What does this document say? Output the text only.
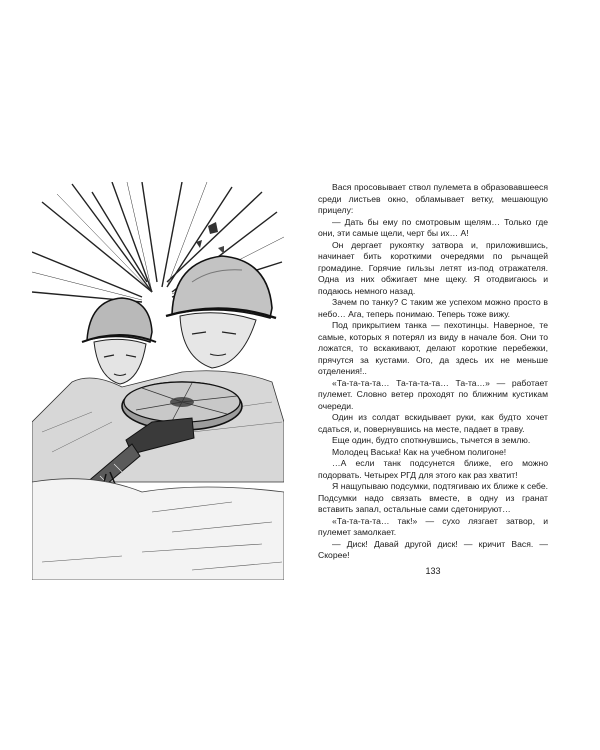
Вася просовывает ствол пулемета в образовавшееся среди листьев окно, обламывает ветку, мешающую прицелу:

— Дать бы ему по смотровым щелям… Только где они, эти самые щели, черт бы их… А!

Он дергает рукоятку затвора и, приложившись, начинает бить короткими очередями по рычащей громадине. Горячие гильзы летят из-под отражателя. Одна из них обжигает мне щеку. Я отодвигаюсь и подаюсь немного назад.

Зачем по танку? С таким же успехом можно просто в небо… Ага, теперь понимаю. Теперь тоже вижу.

Под прикрытием танка — пехотинцы. Наверное, те самые, которых я потерял из виду в начале боя. Они то ложатся, то вскакивают, делают короткие перебежки, прячутся за кустами. Ого, да здесь их не меньше отделения!..

«Та-та-та-та… Та-та-та-та… Та-та…» — работает пулемет. Словно ветер проходят по ближним кустикам очереди.

Один из солдат вскидывает руки, как будто хочет сдаться, и, повернувшись на месте, падает в траву.

Еще один, будто споткнувшись, тычется в землю.

Молодец Васька! Как на учебном полигоне!

…А если танк подсунется ближе, его можно подорвать. Четырех РГД для этого как раз хватит!

Я нащупываю подсумки, подтягиваю их ближе к себе. Подсумки надо связать вместе, в одну из гранат вставить запал, остальные сами сдетонируют…

«Та-та-та-та… так!» — сухо лязгает затвор, и пулемет замолкает.

— Диск! Давай другой диск! — кричит Вася. — Скорее!

133
